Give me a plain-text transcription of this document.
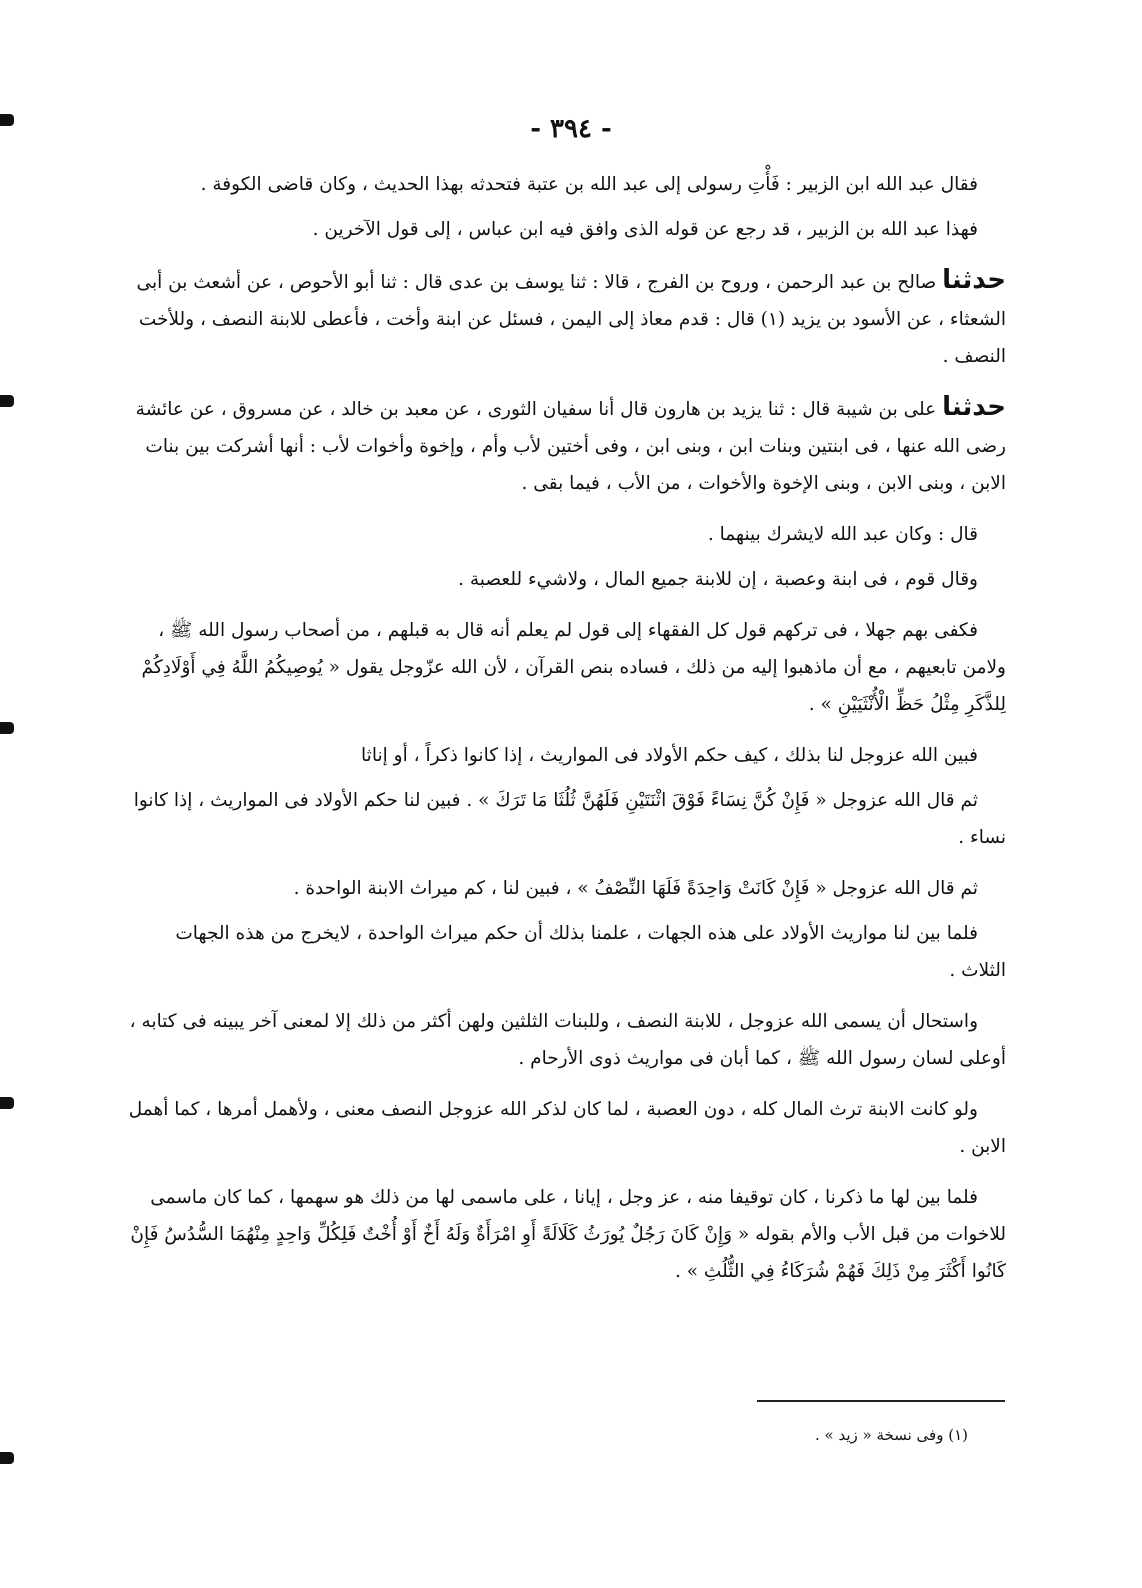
- ٣٩٤ -

فقال عبد الله ابن الزبير : فَأْتِ رسولى إلى عبد الله بن عتبة فتحدثه بهذا الحديث ، وكان قاضى الكوفة .

فهذا عبد الله بن الزبير ، قد رجع عن قوله الذى وافق فيه ابن عباس ، إلى قول الآخرين .

حدثنا صالح بن عبد الرحمن ، وروح بن الفرج ، قالا : ثنا يوسف بن عدى قال : ثنا أبو الأحوص ، عن أشعث بن أبى الشعثاء ، عن الأسود بن يزيد (١) قال : قدم معاذ إلى اليمن ، فسئل عن ابنة وأخت ، فأعطى للابنة النصف ، وللأخت النصف .

حدثنا على بن شيبة قال : ثنا يزيد بن هارون قال أنا سفيان الثورى ، عن معبد بن خالد ، عن مسروق ، عن عائشة رضى الله عنها ، فى ابنتين وبنات ابن ، وبنى ابن ، وفى أختين لأب وأم ، وإخوة وأخوات لأب : أنها أشركت بين بنات الابن ، وبنى الابن ، وبنى الإخوة والأخوات ، من الأب ، فيما بقى .

قال : وكان عبد الله لايشرك بينهما .

وقال قوم ، فى ابنة وعصبة ، إن للابنة جميع المال ، ولاشيء للعصبة .

فكفى بهم جهلا ، فى تركهم قول كل الفقهاء إلى قول لم يعلم أنه قال به قبلهم ، من أصحاب رسول الله ﷺ ، ولامن تابعيهم ، مع أن ماذهبوا إليه من ذلك ، فساده بنص القرآن ، لأن الله عزّوجل يقول « يُوصِيكُمُ اللَّهُ فِي أَوْلَادِكُمْ لِلذَّكَرِ مِثْلُ حَظِّ الْأُنْثَيَيْنِ » .

فبين الله عزوجل لنا بذلك ، كيف حكم الأولاد فى المواريث ، إذا كانوا ذكراً ، أو إناثا

ثم قال الله عزوجل « فَإِنْ كُنَّ نِسَاءً فَوْقَ اثْنَتَيْنِ فَلَهُنَّ ثُلُثَا مَا تَرَكَ » . فبين لنا حكم الأولاد فى المواريث ، إذا كانوا نساء .

ثم قال الله عزوجل « فَإِنْ كَانَتْ وَاحِدَةً فَلَهَا النِّصْفُ » ، فبين لنا ، كم ميراث الابنة الواحدة .

فلما بين لنا مواريث الأولاد على هذه الجهات ، علمنا بذلك أن حكم ميراث الواحدة ، لايخرج من هذه الجهات الثلاث .

واستحال أن يسمى الله عزوجل ، للابنة النصف ، وللبنات الثلثين ولهن أكثر من ذلك إلا لمعنى آخر يبينه فى كتابه ، أوعلى لسان رسول الله ﷺ ، كما أبان فى مواريث ذوى الأرحام .

ولو كانت الابنة ترث المال كله ، دون العصبة ، لما كان لذكر الله عزوجل النصف معنى ، ولأهمل أمرها ، كما أهمل الابن .

فلما بين لها ما ذكرنا ، كان توقيفا منه ، عز وجل ، إيانا ، على ماسمى لها من ذلك هو سهمها ، كما كان ماسمى للاخوات من قبل الأب والأم بقوله « وَإِنْ كَانَ رَجُلٌ يُورَثُ كَلَالَةً أَوِ امْرَأَةٌ وَلَهُ أَخٌ أَوْ أُخْتٌ فَلِكُلِّ وَاحِدٍ مِنْهُمَا السُّدُسُ فَإِنْ كَانُوا أَكْثَرَ مِنْ ذَلِكَ فَهُمْ شُرَكَاءُ فِي الثُّلُثِ » .

(١) وفى نسخة « زيد » .
